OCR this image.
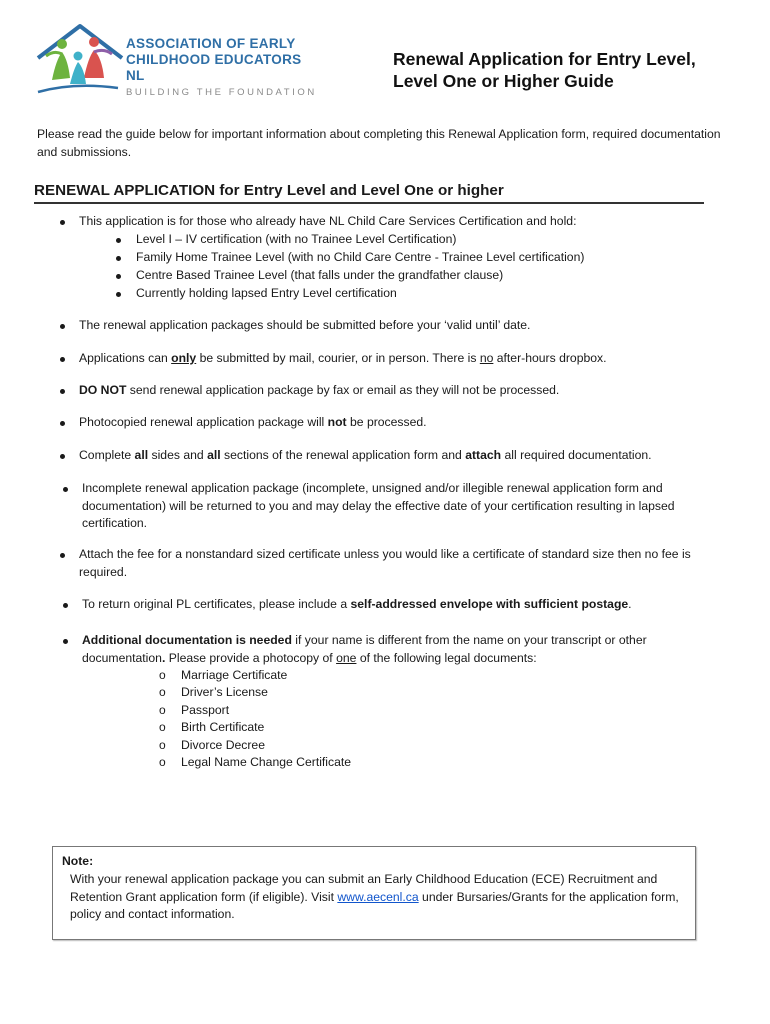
ASSOCIATION OF EARLY
CHILDHOOD EDUCATORS NL
BUILDING THE FOUNDATION
Renewal Application for Entry Level,
Level One or Higher Guide
Please read the guide below for important information about completing this Renewal Application form, required documentation and submissions.
RENEWAL APPLICATION for Entry Level and Level One or higher
This application is for those who already have NL Child Care Services Certification and hold:
Level I – IV certification (with no Trainee Level Certification)
Family Home Trainee Level (with no Child Care Centre - Trainee Level certification)
Centre Based Trainee Level (that falls under the grandfather clause)
Currently holding lapsed Entry Level certification
The renewal application packages should be submitted before your ‘valid until’ date.
Applications can only be submitted by mail, courier, or in person. There is no after-hours dropbox.
DO NOT send renewal application package by fax or email as they will not be processed.
Photocopied renewal application package will not be processed.
Complete all sides and all sections of the renewal application form and attach all required documentation.
Incomplete renewal application package (incomplete, unsigned and/or illegible renewal application form and documentation) will be returned to you and may delay the effective date of your certification resulting in lapsed certification.
Attach the fee for a nonstandard sized certificate unless you would like a certificate of standard size then no fee is required.
To return original PL certificates, please include a self-addressed envelope with sufficient postage.
Additional documentation is needed if your name is different from the name on your transcript or other documentation. Please provide a photocopy of one of the following legal documents:
o Marriage Certificate
o Driver’s License
o Passport
o Birth Certificate
o Divorce Decree
o Legal Name Change Certificate
Note:
With your renewal application package you can submit an Early Childhood Education (ECE) Recruitment and Retention Grant application form (if eligible). Visit www.aecenl.ca under Bursaries/Grants for the application form, policy and contact information.
